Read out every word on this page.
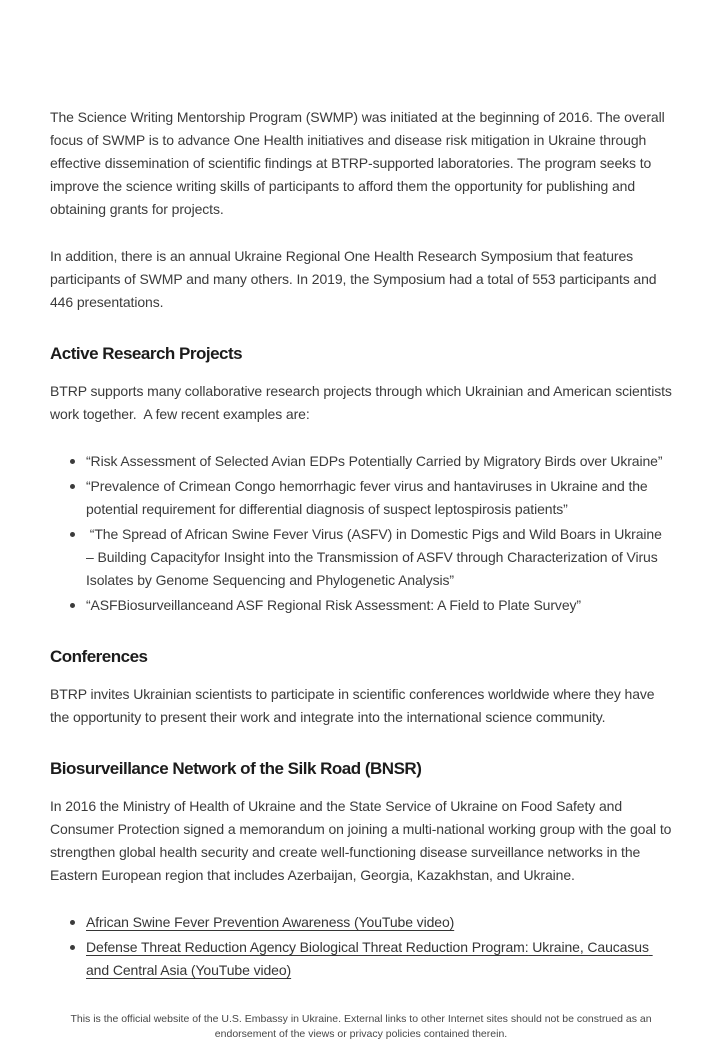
The Science Writing Mentorship Program (SWMP) was initiated at the beginning of 2016. The overall focus of SWMP is to advance One Health initiatives and disease risk mitigation in Ukraine through effective dissemination of scientific findings at BTRP-supported laboratories. The program seeks to improve the science writing skills of participants to afford them the opportunity for publishing and obtaining grants for projects.

In addition, there is an annual Ukraine Regional One Health Research Symposium that features participants of SWMP and many others. In 2019, the Symposium had a total of 553 participants and 446 presentations.

Active Research Projects

BTRP supports many collaborative research projects through which Ukrainian and American scientists work together.  A few recent examples are:

“Risk Assessment of Selected Avian EDPs Potentially Carried by Migratory Birds over Ukraine”
“Prevalence of Crimean Congo hemorrhagic fever virus and hantaviruses in Ukraine and the potential requirement for differential diagnosis of suspect leptospirosis patients”
“The Spread of African Swine Fever Virus (ASFV) in Domestic Pigs and Wild Boars in Ukraine – Building Capacityfor Insight into the Transmission of ASFV through Characterization of Virus Isolates by Genome Sequencing and Phylogenetic Analysis”
“ASFBiosurveillanceand ASF Regional Risk Assessment: A Field to Plate Survey”
Conferences

BTRP invites Ukrainian scientists to participate in scientific conferences worldwide where they have the opportunity to present their work and integrate into the international science community.

Biosurveillance Network of the Silk Road (BNSR)

In 2016 the Ministry of Health of Ukraine and the State Service of Ukraine on Food Safety and Consumer Protection signed a memorandum on joining a multi-national working group with the goal to strengthen global health security and create well-functioning disease surveillance networks in the Eastern European region that includes Azerbaijan, Georgia, Kazakhstan, and Ukraine.

African Swine Fever Prevention Awareness (YouTube video)
Defense Threat Reduction Agency Biological Threat Reduction Program: Ukraine, Caucasus and Central Asia (YouTube video)

This is the official website of the U.S. Embassy in Ukraine. External links to other Internet sites should not be construed as an endorsement of the views or privacy policies contained therein.
